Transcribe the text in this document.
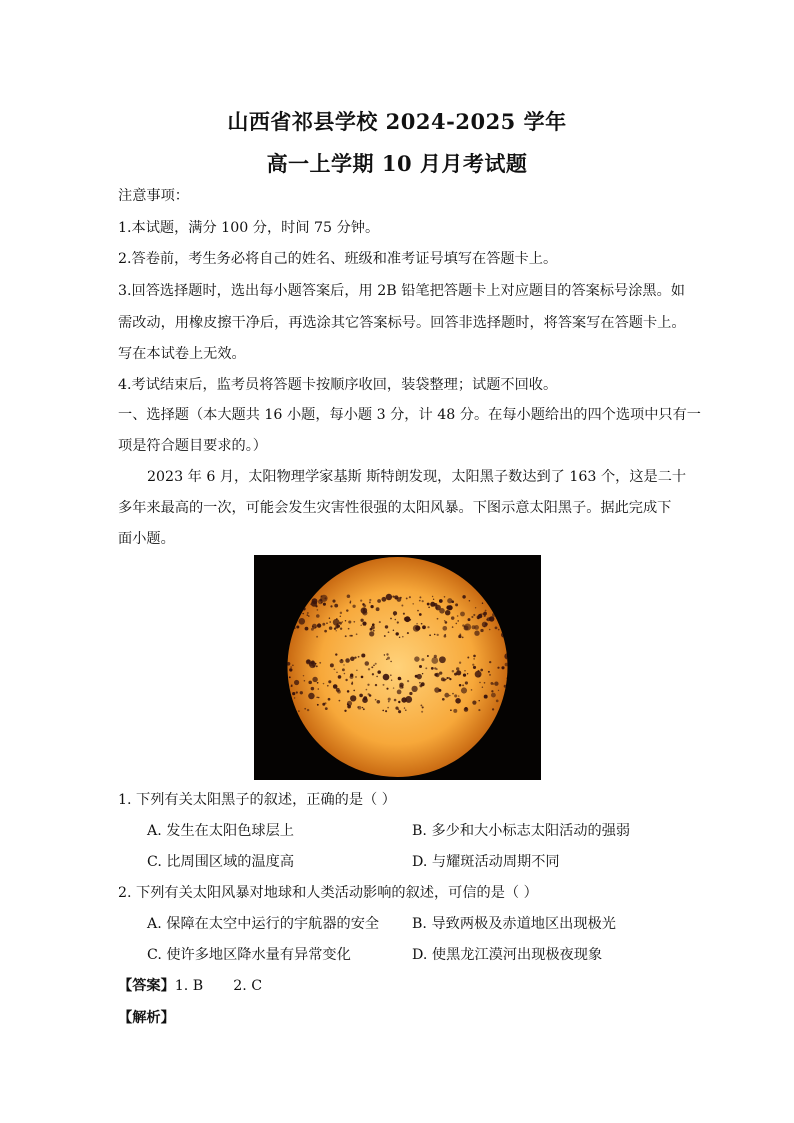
山西省祁县学校 2024-2025 学年
高一上学期 10 月月考试题
注意事项：
1.本试题，满分 100 分，时间 75 分钟。
2.答卷前，考生务必将自己的姓名、班级和准考证号填写在答题卡上。
3.回答选择题时，选出每小题答案后，用 2B 铅笔把答题卡上对应题目的答案标号涂黑。如
需改动，用橡皮擦干净后，再选涂其它答案标号。回答非选择题时，将答案写在答题卡上。
写在本试卷上无效。
4.考试结束后，监考员将答题卡按顺序收回，装袋整理；试题不回收。
一、选择题（本大题共 16 小题，每小题 3 分，计 48 分。在每小题给出的四个选项中只有一
项是符合题目要求的。）
2023 年 6 月，太阳物理学家基斯 斯特朗发现，太阳黑子数达到了 163 个，这是二十
多年来最高的一次，可能会发生灾害性很强的太阳风暴。下图示意太阳黑子。据此完成下
面小题。
1. 下列有关太阳黑子的叙述，正确的是（ ）
A. 发生在太阳色球层上	B. 多少和大小标志太阳活动的强弱
C. 比周围区域的温度高	D. 与耀斑活动周期不同
2. 下列有关太阳风暴对地球和人类活动影响的叙述，可信的是（ ）
A. 保障在太空中运行的宇航器的安全 B. 导致两极及赤道地区出现极光
C. 使许多地区降水量有异常变化	D. 使黑龙江漠河出现极夜现象
【答案】1. B 2. C
【解析】
